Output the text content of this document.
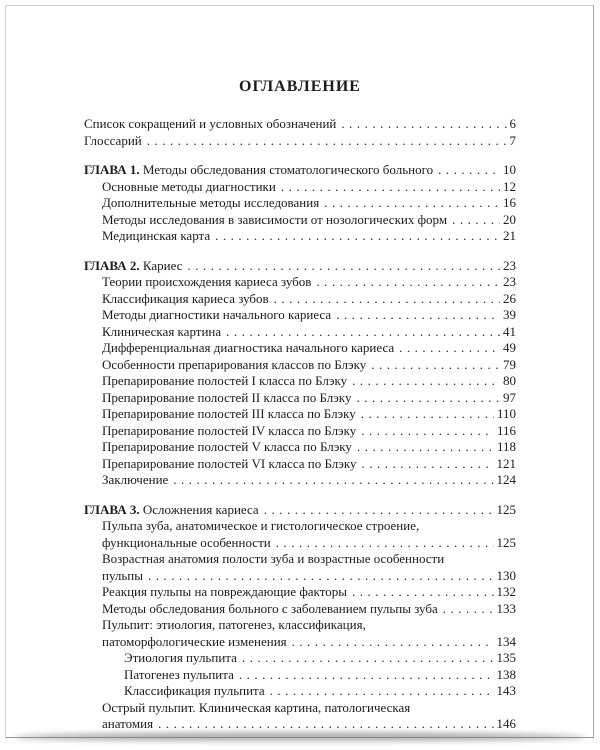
ОГЛАВЛЕНИЕ
Список сокращений и условных обозначений .....	6
Глоссарий .....	7
ГЛАВА 1. Методы обследования стоматологического больного .....	10
Основные методы диагностики .....	12
Дополнительные методы исследования .....	16
Методы исследования в зависимости от нозологических форм .....	20
Медицинская карта .....	21
ГЛАВА 2. Кариес .....	23
Теории происхождения кариеса зубов .....	23
Классификация кариеса зубов .....	26
Методы диагностики начального кариеса .....	39
Клиническая картина .....	41
Дифференциальная диагностика начального кариеса .....	49
Особенности препарирования классов по Блэку .....	79
Препарирование полостей I класса по Блэку .....	80
Препарирование полостей II класса по Блэку .....	97
Препарирование полостей III класса по Блэку .....	110
Препарирование полостей IV класса по Блэку .....	116
Препарирование полостей V класса по Блэку .....	118
Препарирование полостей VI класса по Блэку .....	121
Заключение .....	124
ГЛАВА 3. Осложнения кариеса .....	125
Пульпа зуба, анатомическое и гистологическое строение,
функциональные особенности .....	125
Возрастная анатомия полости зуба и возрастные особенности
пульпы .....	130
Реакция пульпы на повреждающие факторы .....	132
Методы обследования больного с заболеванием пульпы зуба .....	133
Пульпит: этиология, патогенез, классификация,
патоморфологические изменения .....	134
Этиология пульпита .....	135
Патогенез пульпита .....	138
Классификация пульпита .....	143
Острый пульпит. Клиническая картина, патологическая
анатомия .....	146
